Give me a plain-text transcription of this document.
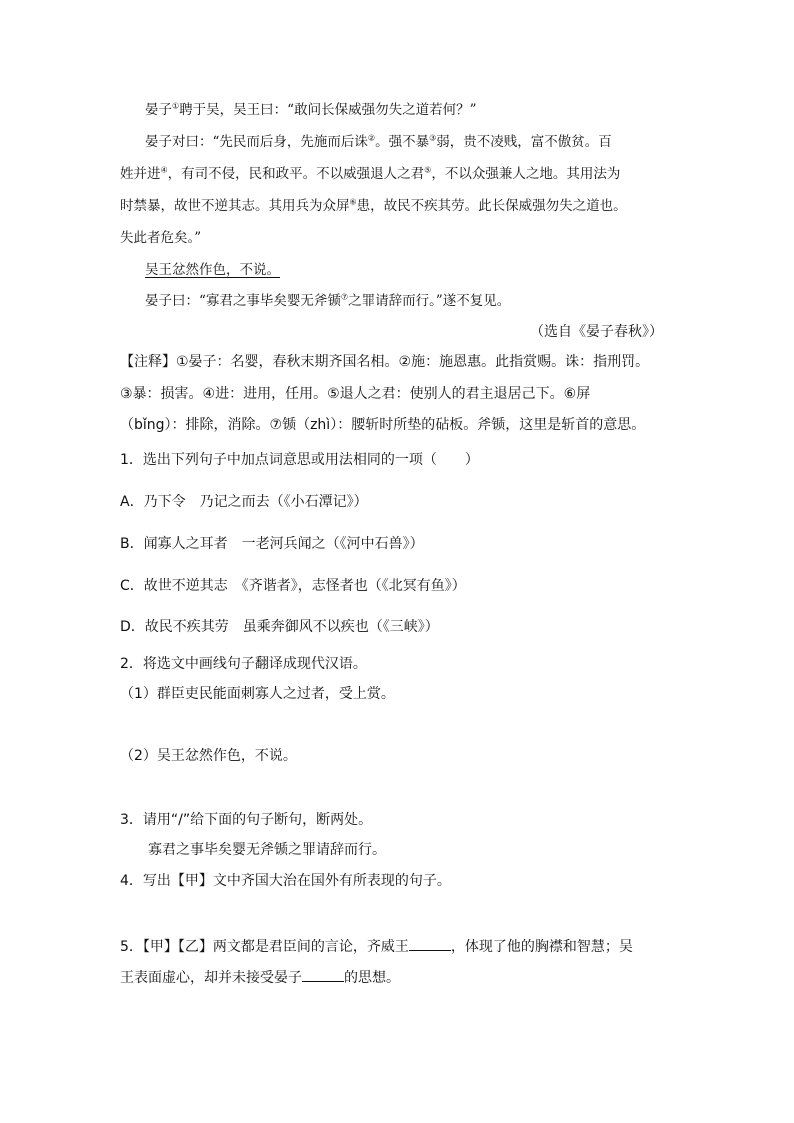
晏子①聘于吴，吴王曰：“敢问长保威强勿失之道若何？”
晏子对曰：“先民而后身，先施而后诛②。强不暴③弱，贵不凌贱，富不傲贫。百
姓并进④，有司不侵，民和政平。不以威强退人之君⑤，不以众强兼人之地。其用法为
时禁暴，故世不逆其志。其用兵为众屏⑥患，故民不疾其劳。此长保威强勿失之道也。
失此者危矣。”
吴王忿然作色，不说。
晏子曰：“寡君之事毕矣婴无斧锧⑦之罪请辞而行。”遂不复见。
（选自《晏子春秋》）
【注释】①晏子：名婴，春秋末期齐国名相。②施：施恩惠。此指赏赐。诛：指刑罚。
③暴：损害。④进：进用，任用。⑤退人之君：使别人的君主退居己下。⑥屏
（bǐng）：排除，消除。⑦锧（zhì）：腰斩时所垫的砧板。斧锧，这里是斩首的意思。
1．选出下列句子中加点词意思或用法相同的一项（　　）
A．乃下令　乃记之而去（《小石潭记》）
B．闻寡人之耳者　一老河兵闻之（《河中石兽》）
C．故世不逆其志　《齐谐者》，志怪者也（《北冥有鱼》）
D．故民不疾其劳　虽乘奔御风不以疾也（《三峡》）
2．将选文中画线句子翻译成现代汉语。
（1）群臣吏民能面刺寡人之过者，受上赏。
（2）吴王忿然作色，不说。
3．请用“/”给下面的句子断句，断两处。
寡君之事毕矣婴无斧锧之罪请辞而行。
4．写出【甲】文中齐国大治在国外有所表现的句子。
5．【甲】【乙】两文都是君臣间的言论，齐威王	，体现了他的胸襟和智慧；吴
王表面虚心，却并未接受晏子	的思想。
